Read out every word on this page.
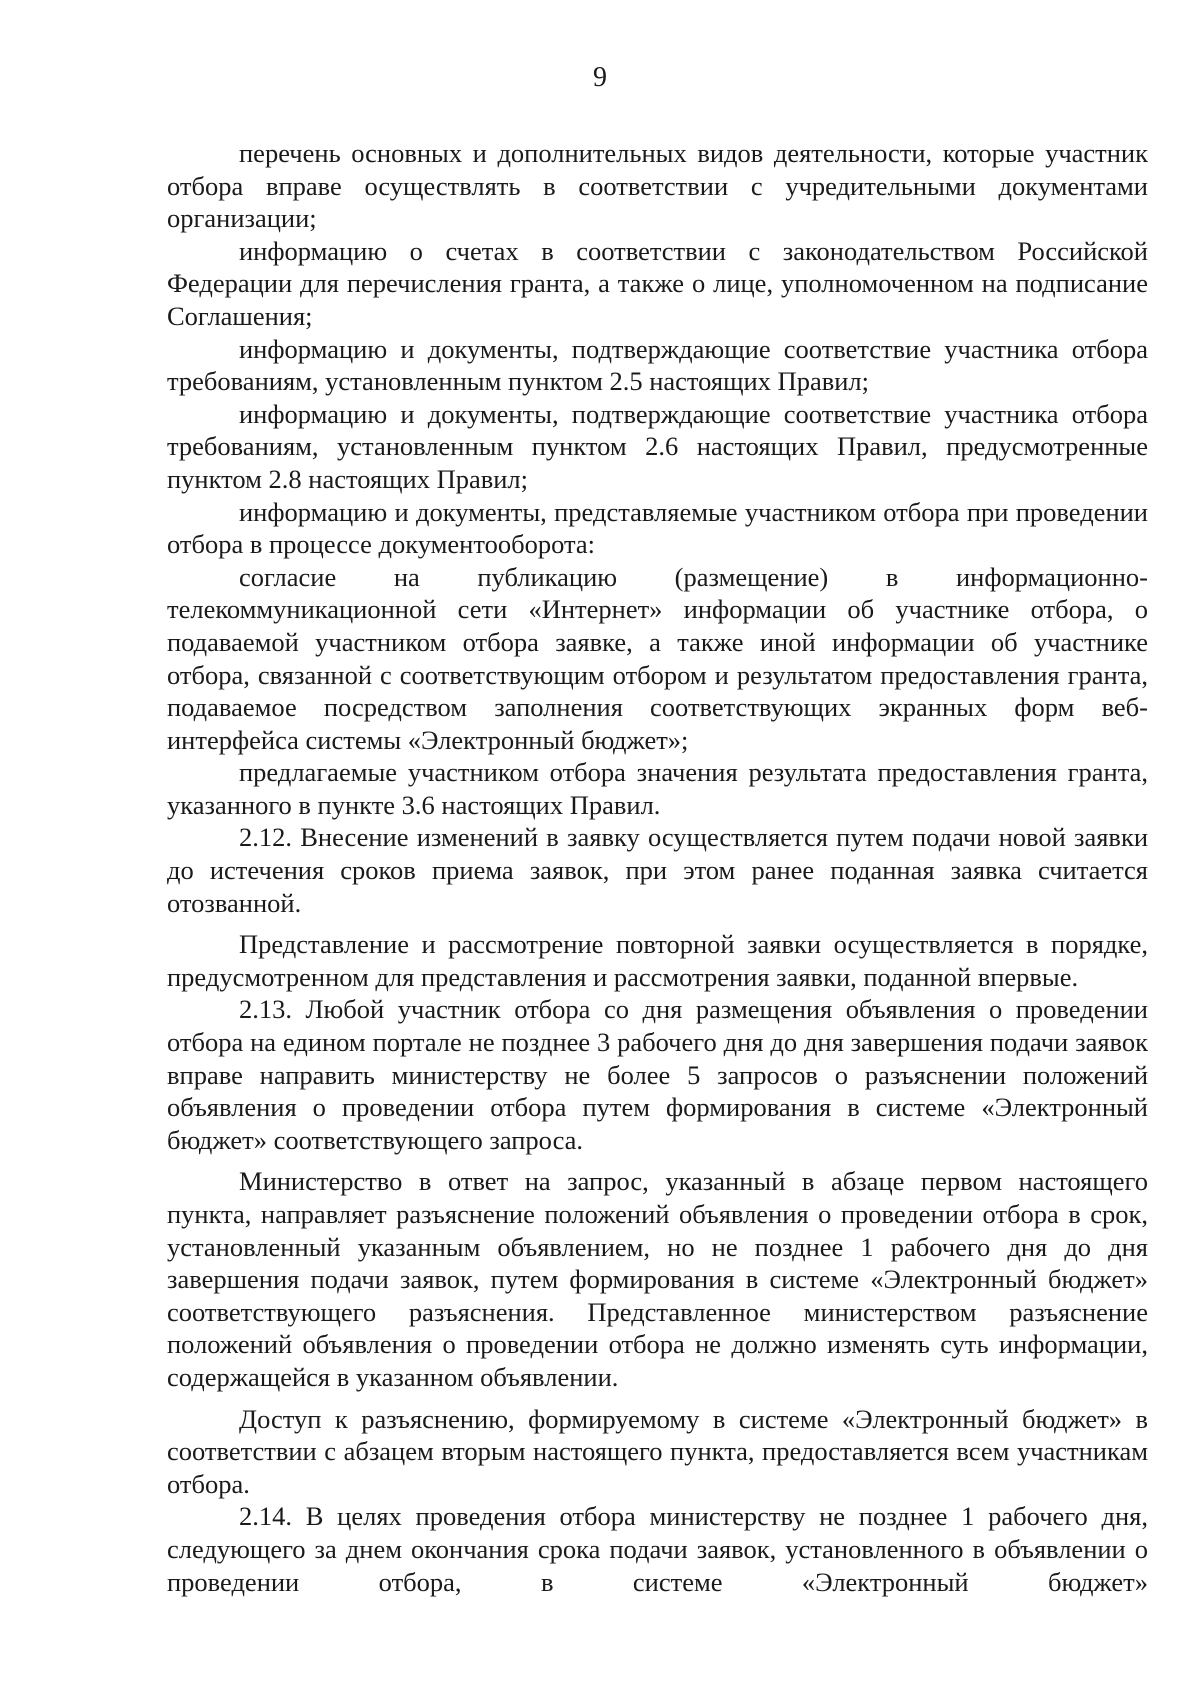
9

перечень основных и дополнительных видов деятельности, которые участник отбора вправе осуществлять в соответствии с учредительными документами организации;

информацию о счетах в соответствии с законодательством Российской Федерации для перечисления гранта, а также о лице, уполномоченном на подписание Соглашения;

информацию и документы, подтверждающие соответствие участника отбора требованиям, установленным пунктом 2.5 настоящих Правил;

информацию и документы, подтверждающие соответствие участника отбора требованиям, установленным пунктом 2.6 настоящих Правил, предусмотренные пунктом 2.8 настоящих Правил;

информацию и документы, представляемые участником отбора при проведении отбора в процессе документооборота:

согласие на публикацию (размещение) в информационно-телекоммуникационной сети «Интернет» информации об участнике отбора, о подаваемой участником отбора заявке, а также иной информации об участнике отбора, связанной с соответствующим отбором и результатом предоставления гранта, подаваемое посредством заполнения соответствующих экранных форм веб-интерфейса системы «Электронный бюджет»;

предлагаемые участником отбора значения результата предоставления гранта, указанного в пункте 3.6 настоящих Правил.

2.12. Внесение изменений в заявку осуществляется путем подачи новой заявки до истечения сроков приема заявок, при этом ранее поданная заявка считается отозванной.

Представление и рассмотрение повторной заявки осуществляется в порядке, предусмотренном для представления и рассмотрения заявки, поданной впервые.

2.13. Любой участник отбора со дня размещения объявления о проведении отбора на едином портале не позднее 3 рабочего дня до дня завершения подачи заявок вправе направить министерству не более 5 запросов о разъяснении положений объявления о проведении отбора путем формирования в системе «Электронный бюджет» соответствующего запроса.

Министерство в ответ на запрос, указанный в абзаце первом настоящего пункта, направляет разъяснение положений объявления о проведении отбора в срок, установленный указанным объявлением, но не позднее 1 рабочего дня до дня завершения подачи заявок, путем формирования в системе «Электронный бюджет» соответствующего разъяснения. Представленное министерством разъяснение положений объявления о проведении отбора не должно изменять суть информации, содержащейся в указанном объявлении.

Доступ к разъяснению, формируемому в системе «Электронный бюджет» в соответствии с абзацем вторым настоящего пункта, предоставляется всем участникам отбора.

2.14. В целях проведения отбора министерству не позднее 1 рабочего дня, следующего за днем окончания срока подачи заявок, установленного в объявлении о проведении отбора, в системе «Электронный бюджет»
